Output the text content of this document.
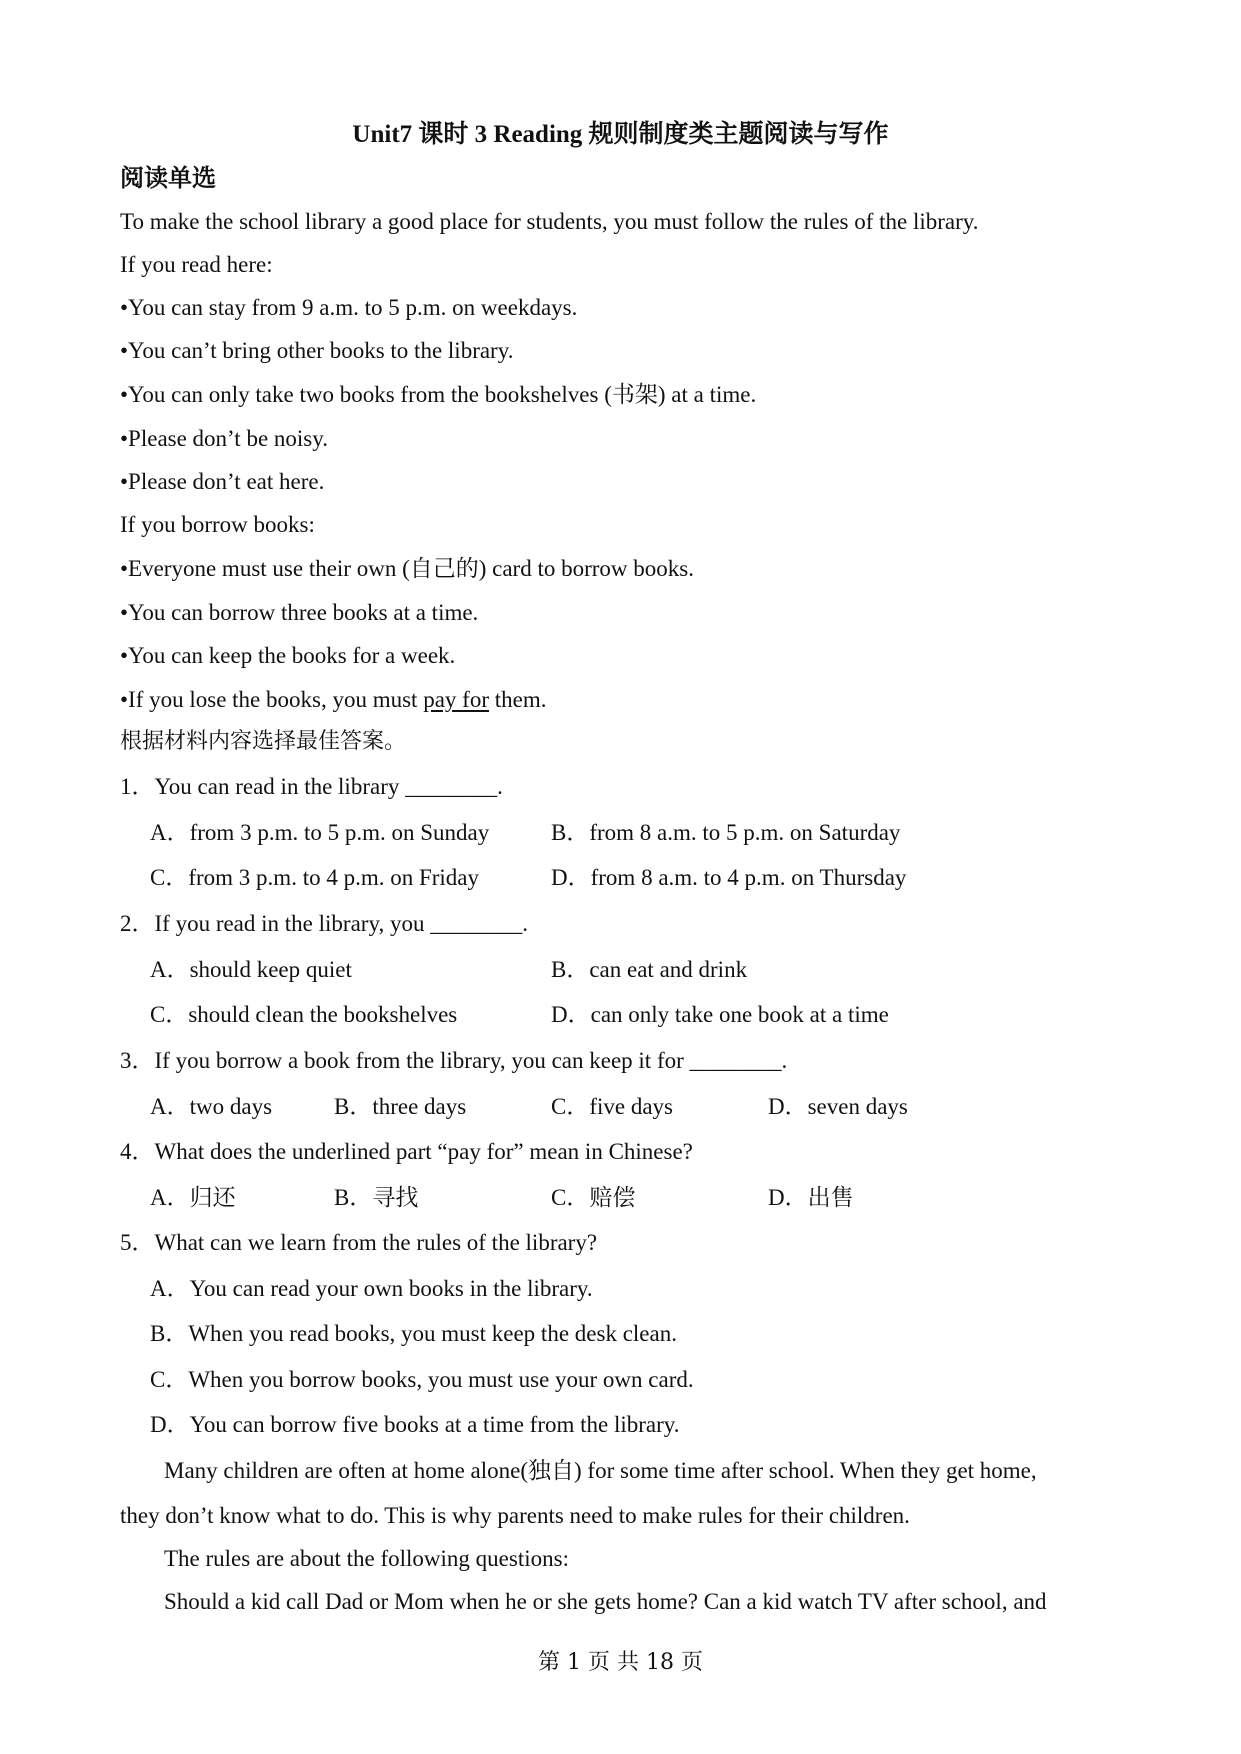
Unit7 课时 3 Reading 规则制度类主题阅读与写作
阅读单选
To make the school library a good place for students, you must follow the rules of the library.
If you read here:
•You can stay from 9 a.m. to 5 p.m. on weekdays.
•You can’t bring other books to the library.
•You can only take two books from the bookshelves (书架) at a time.
•Please don’t be noisy.
•Please don’t eat here.
If you borrow books:
•Everyone must use their own (自己的) card to borrow books.
•You can borrow three books at a time.
•You can keep the books for a week.
•If you lose the books, you must pay for them.
根据材料内容选择最佳答案。
1．You can read in the library ________.
A．from 3 p.m. to 5 p.m. on Sunday	B．from 8 a.m. to 5 p.m. on Saturday
C．from 3 p.m. to 4 p.m. on Friday	D．from 8 a.m. to 4 p.m. on Thursday
2．If you read in the library, you ________.
A．should keep quiet	B．can eat and drink
C．should clean the bookshelves	D．can only take one book at a time
3．If you borrow a book from the library, you can keep it for ________.
A．two days	B．three days	C．five days	D．seven days
4．What does the underlined part “pay for” mean in Chinese?
A．归还	B．寻找	C．赔偿	D．出售
5．What can we learn from the rules of the library?
A．You can read your own books in the library.
B．When you read books, you must keep the desk clean.
C．When you borrow books, you must use your own card.
D．You can borrow five books at a time from the library.
Many children are often at home alone(独自) for some time after school. When they get home,
they don’t know what to do. This is why parents need to make rules for their children.
The rules are about the following questions:
Should a kid call Dad or Mom when he or she gets home? Can a kid watch TV after school, and
第 1 页 共 18 页
